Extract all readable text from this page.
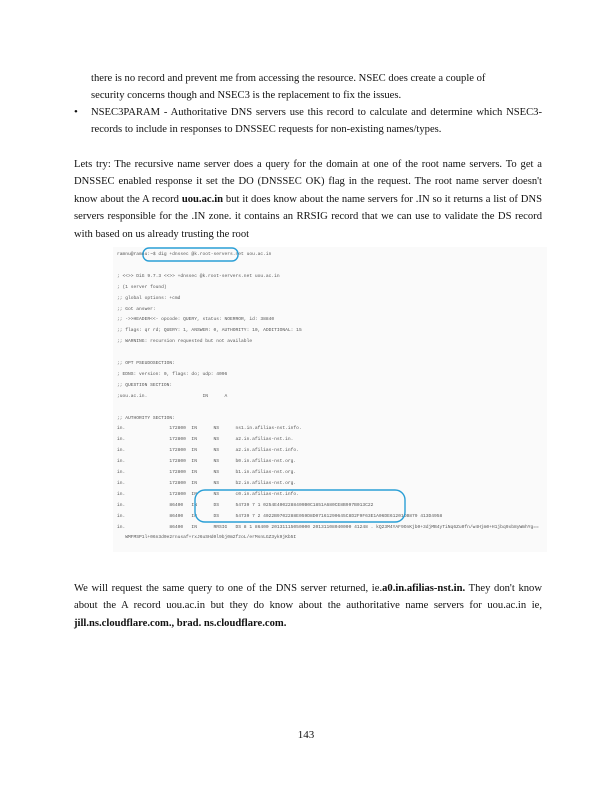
there is no record and prevent me from accessing the resource. NSEC does create a couple of
security concerns though and NSEC3 is the replacement to fix the issues.
• NSEC3PARAM - Authoritative DNS servers use this record to calculate and determine which NSEC3-records to include in responses to DNSSEC requests for non-existing names/types.
Lets try: The recursive name server does a query for the domain at one of the root name servers. To get a DNSSEC enabled response it set the DO (DNSSEC OK) flag in the request. The root name server doesn't know about the A record uou.ac.in but it does know about the name servers for .IN so it returns a list of DNS servers responsible for the .IN zone. it contains an RRSIG record that we can use to validate the DS record with based on us already trusting the root
ramnu@ramnu:~$ dig +dnssec @k.root-servers.net uou.ac.in
; <<>> DiG 9.7.3 <<>> +dnssec @k.root-servers.net uou.ac.in
; (1 server found)
;; global options: +cmd
;; Got answer:
;; ->>HEADER<<- opcode: QUERY, status: NOERROR, id: 38840
;; flags: qr rd; QUERY: 1, ANSWER: 0, AUTHORITY: 10, ADDITIONAL: 15
;; WARNING: recursion requested but not available
;; OPT PSEUDOSECTION:
; EDNS: version: 0, flags: do; udp: 4096
;; QUESTION SECTION:
;uou.ac.in.                    IN      A
;; AUTHORITY SECTION:
in.                172800  IN      NS      ns1.in.afilias-nst.info.
in.                172800  IN      NS      a2.in.afilias-nst.in.
in.                172800  IN      NS      a2.in.afilias-nst.info.
in.                172800  IN      NS      b0.in.afilias-nst.org.
in.                172800  IN      NS      b1.in.afilias-nst.org.
in.                172800  IN      NS      b2.in.afilias-nst.org.
in.                172800  IN      NS      c0.in.afilias-nst.info.
in.                86400   IN      DS      54739 7 1 0254E4002288409B0C1851A680CE8B997B013C22
in.                86400   IN      DS      54739 7 2 4022B9702288E059D8D07161290645C8D2F9F63E1A06DE61201DB879 413D4958
in.                86400   IN      RRSIG   DS 8 1 86400 20131115050000 20131108040000 41248 . kQ23M4YAF9OnKjb0+3djMB4yTiNq6Zu0fn/w4Hjm0+H1jbq9xb8yWmhYg==
WMFMSP1l+06n3d0e2rnusaf+rxJ6uSHd0l9bj0m2fzoL/erMsnLGZ3yk9jKb5I
We will request the same query to one of the DNS server returned, ie.a0.in.afilias-nst.in. They don't know about the A record uou.ac.in but they do know about the authoritative name servers for uou.ac.in ie, jill.ns.cloudflare.com., brad. ns.cloudflare.com.
143
